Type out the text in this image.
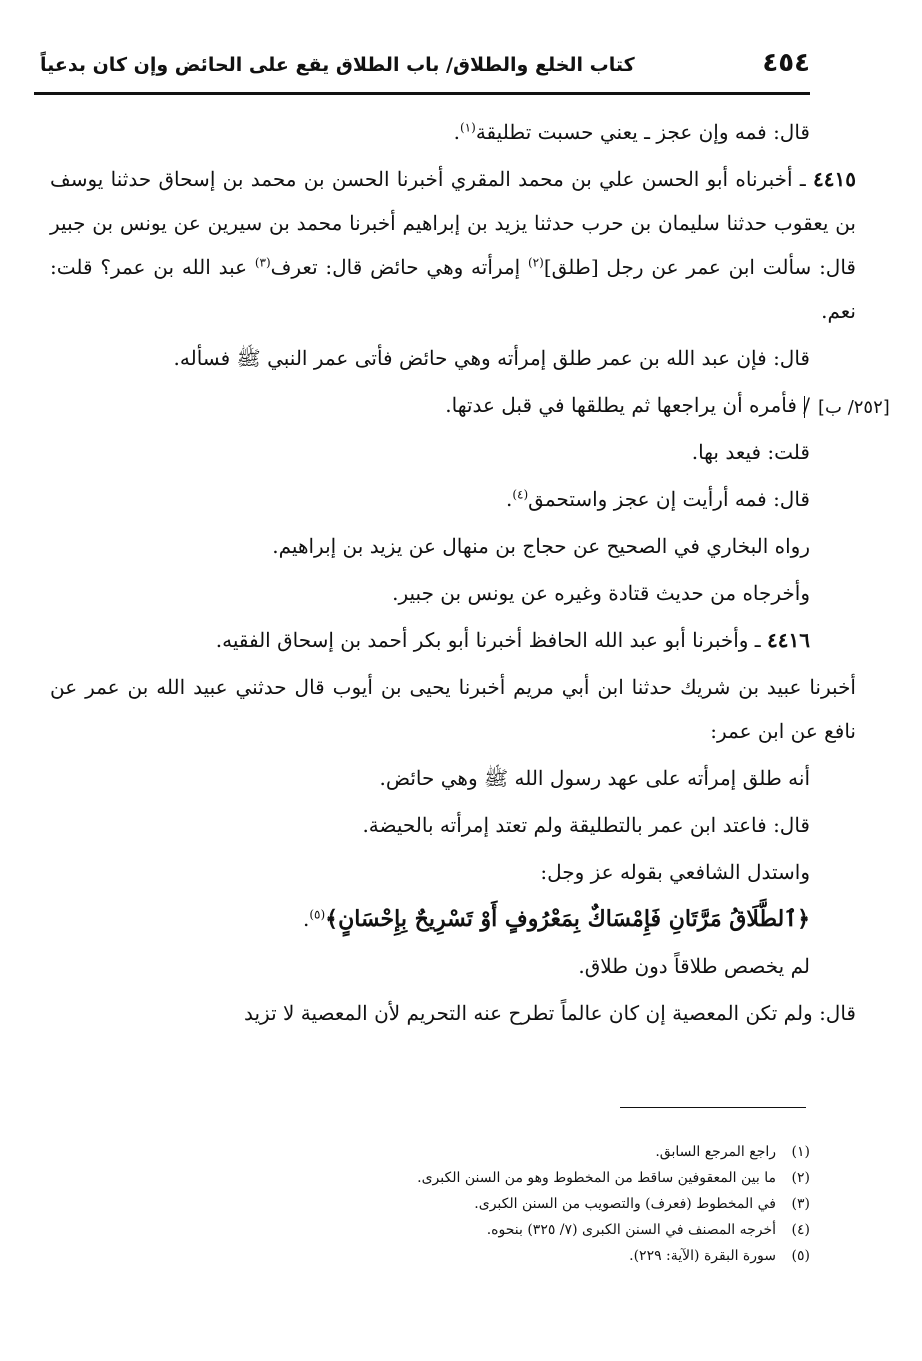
٤٥٤
كتاب الخلع والطلاق/ باب الطلاق يقع على الحائض وإن كان بدعياً
[٢٥٢/ ب]

قال: فمه وإن عجز ـ يعني حسبت تطليقة$^{(١)}$.

٤٤١٥ ـ أخبرناه أبو الحسن علي بن محمد المقري أخبرنا الحسن بن محمد بن إسحاق حدثنا يوسف بن يعقوب حدثنا سليمان بن حرب حدثنا يزيد بن إبراهيم أخبرنا محمد بن سيرين عن يونس بن جبير قال: سألت ابن عمر عن رجل [طلق]$^{(٢)}$ إمرأته وهي حائض قال: تعرف$^{(٣)}$ عبد الله بن عمر؟ قلت: نعم.

قال: فإن عبد الله بن عمر طلق إمرأته وهي حائض فأتى عمر النبي ﷺ فسأله.

/ فأمره أن يراجعها ثم يطلقها في قبل عدتها.

قلت: فيعد بها.

قال: فمه أرأيت إن عجز واستحمق$^{(٤)}$.

رواه البخاري في الصحيح عن حجاج بن منهال عن يزيد بن إبراهيم.

وأخرجاه من حديث قتادة وغيره عن يونس بن جبير.

٤٤١٦ ـ وأخبرنا أبو عبد الله الحافظ أخبرنا أبو بكر أحمد بن إسحاق الفقيه.

أخبرنا عبيد بن شريك حدثنا ابن أبي مريم أخبرنا يحيى بن أيوب قال حدثني عبيد الله بن عمر عن نافع عن ابن عمر:

أنه طلق إمرأته على عهد رسول الله ﷺ وهي حائض.

قال: فاعتد ابن عمر بالتطليقة ولم تعتد إمرأته بالحيضة.

واستدل الشافعي بقوله عز وجل:

﴿ٱلطَّلَاقُ مَرَّتَانِ فَإِمْسَاكٌ بِمَعْرُوفٍ أَوْ تَسْرِيحٌ بِإِحْسَانٍ﴾$^{(٥)}$.

لم يخصص طلاقاً دون طلاق.

قال: ولم تكن المعصية إن كان عالماً تطرح عنه التحريم لأن المعصية لا تزيد

(١)
راجع المرجع السابق.
(٢)
ما بين المعقوفين ساقط من المخطوط وهو من السنن الكبرى.
(٣)
في المخطوط (فعرف) والتصويب من السنن الكبرى.
(٤)
أخرجه المصنف في السنن الكبرى (٧/ ٣٢٥) بنحوه.
(٥)
سورة البقرة (الآية: ٢٢٩).
